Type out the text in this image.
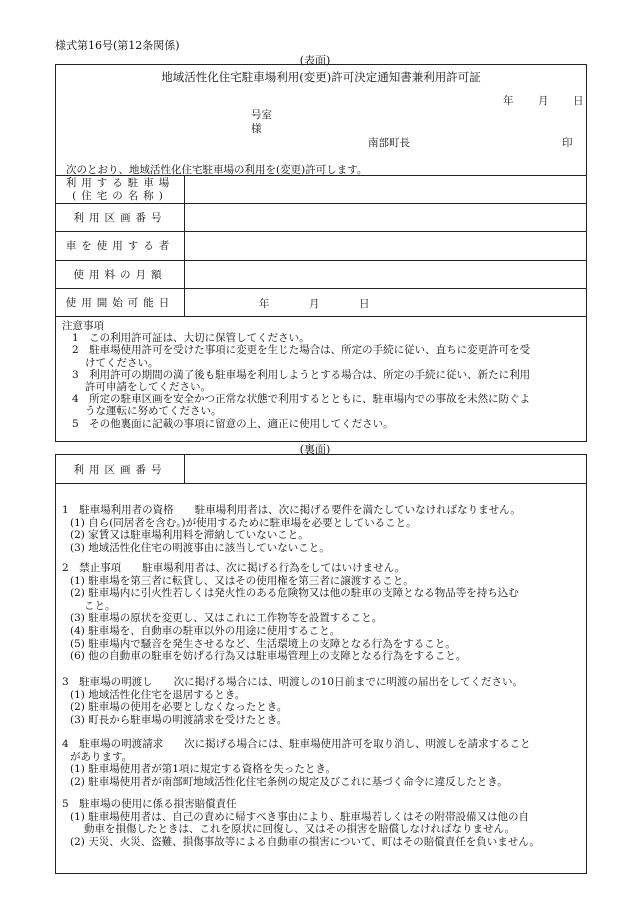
様式第16号(第12条関係)
(表面)
地域活性化住宅駐車場利用(変更)許可決定通知書兼利用許可証
年 月 日
号室
様
南部町長	印
次のとおり、地域活性化住宅駐車場の利用を(変更)許可します。
利用する駐車場
(住宅の名称)
利用区画番号
車を使用する者
使用料の月額
使用開始可能日	年	月	日
注意事項
1　この利用許可証は、大切に保管してください。
2　駐車場使用許可を受けた事項に変更を生じた場合は、所定の手続に従い、直ちに変更許可を受
けてください。
3　利用許可の期間の満了後も駐車場を利用しようとする場合は、所定の手続に従い、新たに利用
許可申請をしてください。
4　所定の駐車区画を安全かつ正常な状態で利用するとともに、駐車場内での事故を未然に防ぐよ
うな運転に努めてください。
5　その他裏面に記載の事項に留意の上、適正に使用してください。
(裏面)
利用区画番号
1　駐車場利用者の資格　　駐車場利用者は、次に掲げる要件を満たしていなければなりません。
(1) 自ら(同居者を含む。)が使用するために駐車場を必要としていること。
(2) 家賃又は駐車場利用料を滞納していないこと。
(3) 地域活性化住宅の明渡事由に該当していないこと。
2　禁止事項　　駐車場利用者は、次に掲げる行為をしてはいけません。
(1) 駐車場を第三者に転貸し、又はその使用権を第三者に譲渡すること。
(2) 駐車場内に引火性若しくは発火性のある危険物又は他の駐車の支障となる物品等を持ち込む
こと。
(3) 駐車場の原状を変更し、又はこれに工作物等を設置すること。
(4) 駐車場を、自動車の駐車以外の用途に使用すること。
(5) 駐車場内で騒音を発生させるなど、生活環境上の支障となる行為をすること。
(6) 他の自動車の駐車を妨げる行為又は駐車場管理上の支障となる行為をすること。
3　駐車場の明渡し　　次に掲げる場合には、明渡しの10日前までに明渡の届出をしてください。
(1) 地域活性化住宅を退居するとき。
(2) 駐車場の使用を必要としなくなったとき。
(3) 町長から駐車場の明渡請求を受けたとき。
4　駐車場の明渡請求　　次に掲げる場合には、駐車場使用許可を取り消し、明渡しを請求すること
があります。
(1) 駐車場使用者が第1項に規定する資格を失ったとき。
(2) 駐車場使用者が南部町地域活性化住宅条例の規定及びこれに基づく命令に違反したとき。
5　駐車場の使用に係る損害賠償責任
(1) 駐車場使用者は、自己の責めに帰すべき事由により、駐車場若しくはその附帯設備又は他の自
動車を損傷したときは、これを原状に回復し、又はその損害を賠償しなければなりません。
(2) 天災、火災、盗難、損傷事故等による自動車の損害について、町はその賠償責任を負いません。
